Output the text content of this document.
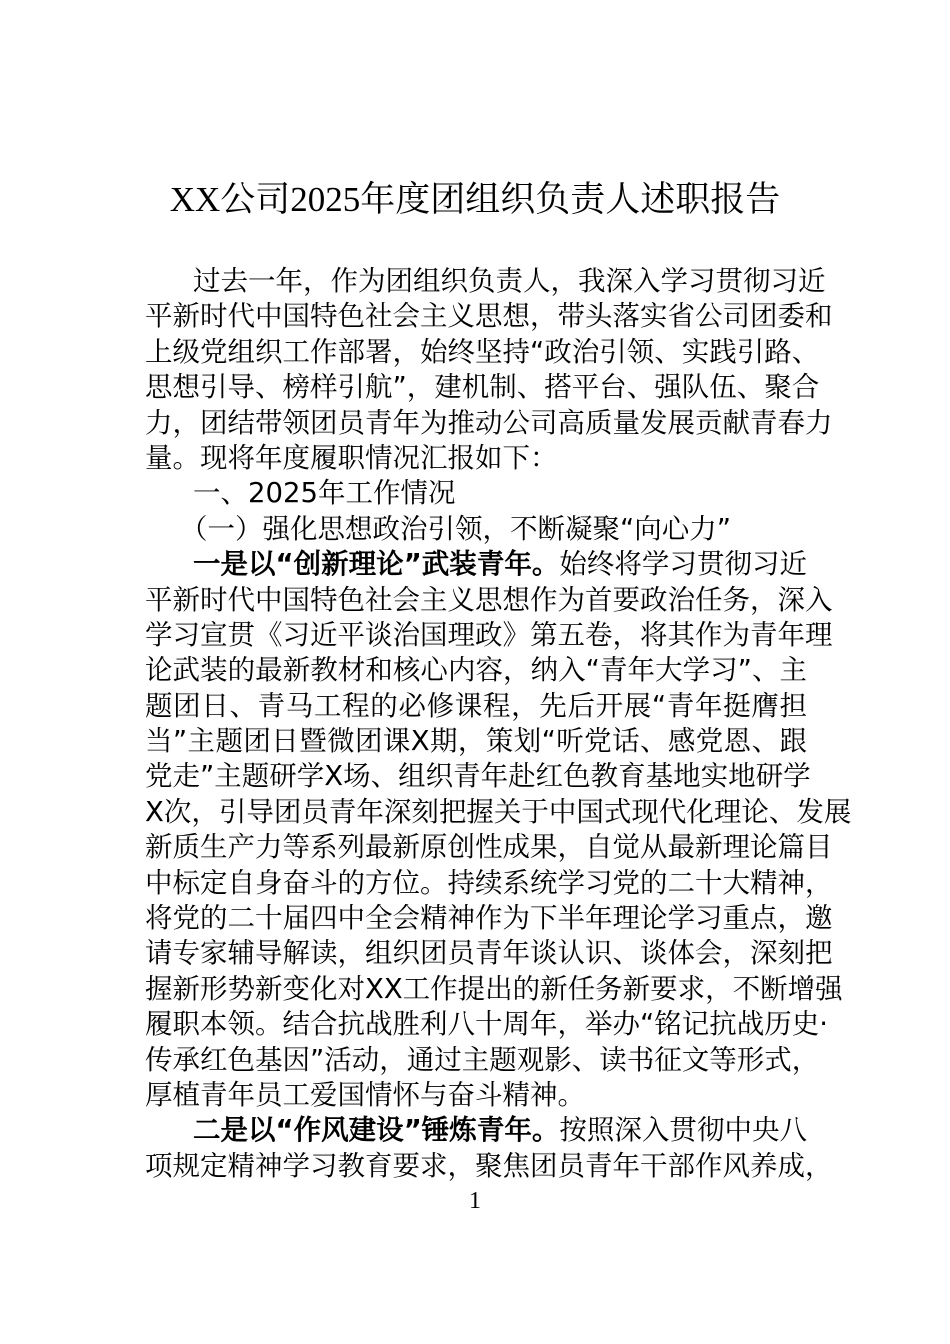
XX公司2025年度团组织负责人述职报告
过去一年，作为团组织负责人，我深入学习贯彻习近
平新时代中国特色社会主义思想，带头落实省公司团委和
上级党组织工作部署，始终坚持“政治引领、实践引路、
思想引导、榜样引航”，建机制、搭平台、强队伍、聚合
力，团结带领团员青年为推动公司高质量发展贡献青春力
量。现将年度履职情况汇报如下：
一、2025年工作情况
（一）强化思想政治引领，不断凝聚“向心力”
一是以“创新理论”武装青年。始终将学习贯彻习近
平新时代中国特色社会主义思想作为首要政治任务，深入
学习宣贯《习近平谈治国理政》第五卷，将其作为青年理
论武装的最新教材和核心内容，纳入“青年大学习”、主
题团日、青马工程的必修课程，先后开展“青年挺膺担
当”主题团日暨微团课X期，策划“听党话、感党恩、跟
党走”主题研学X场、组织青年赴红色教育基地实地研学
X次，引导团员青年深刻把握关于中国式现代化理论、发展
新质生产力等系列最新原创性成果，自觉从最新理论篇目
中标定自身奋斗的方位。持续系统学习党的二十大精神，
将党的二十届四中全会精神作为下半年理论学习重点，邀
请专家辅导解读，组织团员青年谈认识、谈体会，深刻把
握新形势新变化对XX工作提出的新任务新要求，不断增强
履职本领。结合抗战胜利八十周年，举办“铭记抗战历史·
传承红色基因”活动，通过主题观影、读书征文等形式，
厚植青年员工爱国情怀与奋斗精神。
二是以“作风建设”锤炼青年。按照深入贯彻中央八
项规定精神学习教育要求，聚焦团员青年干部作风养成，
1
